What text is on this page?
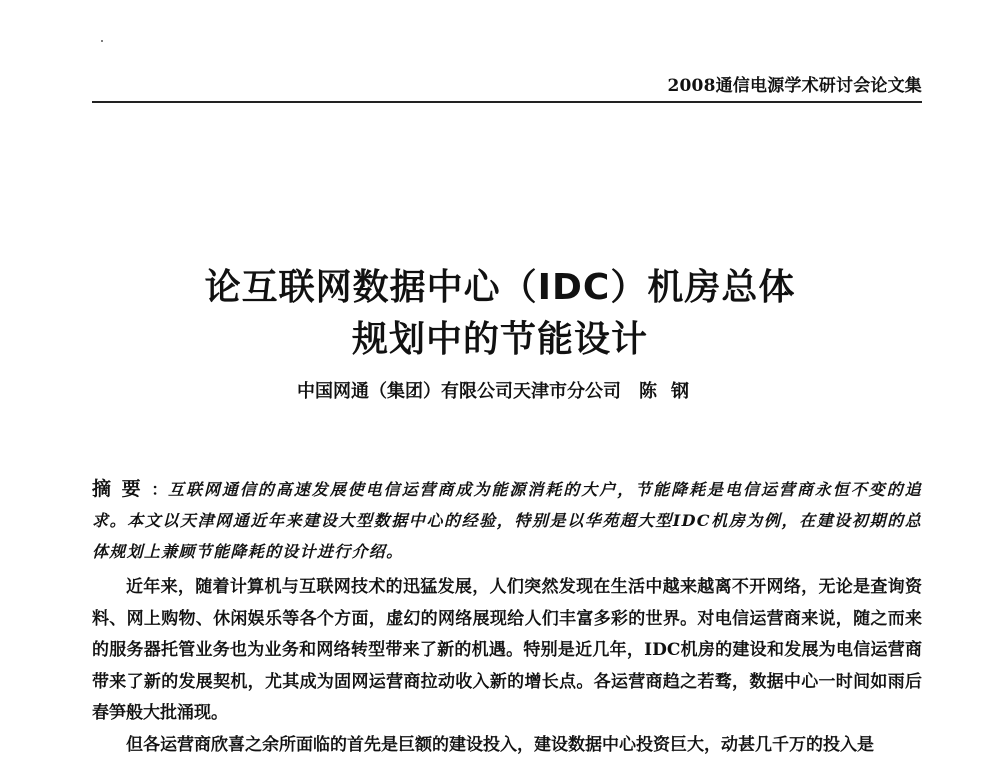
2008通信电源学术研讨会论文集
论互联网数据中心（IDC）机房总体
规划中的节能设计
中国网通（集团）有限公司天津市分公司 陈钢
摘要：互联网通信的高速发展使电信运营商成为能源消耗的大户，节能降耗是电信运营商永恒不变的追求。本文以天津网通近年来建设大型数据中心的经验，特别是以华苑超大型IDC机房为例，在建设初期的总体规划上兼顾节能降耗的设计进行介绍。

近年来，随着计算机与互联网技术的迅猛发展，人们突然发现在生活中越来越离不开网络，无论是查询资料、网上购物、休闲娱乐等各个方面，虚幻的网络展现给人们丰富多彩的世界。对电信运营商来说，随之而来的服务器托管业务也为业务和网络转型带来了新的机遇。特别是近几年，IDC机房的建设和发展为电信运营商带来了新的发展契机，尤其成为固网运营商拉动收入新的增长点。各运营商趋之若骛，数据中心一时间如雨后春笋般大批涌现。

但各运营商欣喜之余所面临的首先是巨额的建设投入，建设数据中心投资巨大，动甚几千万的投入是
